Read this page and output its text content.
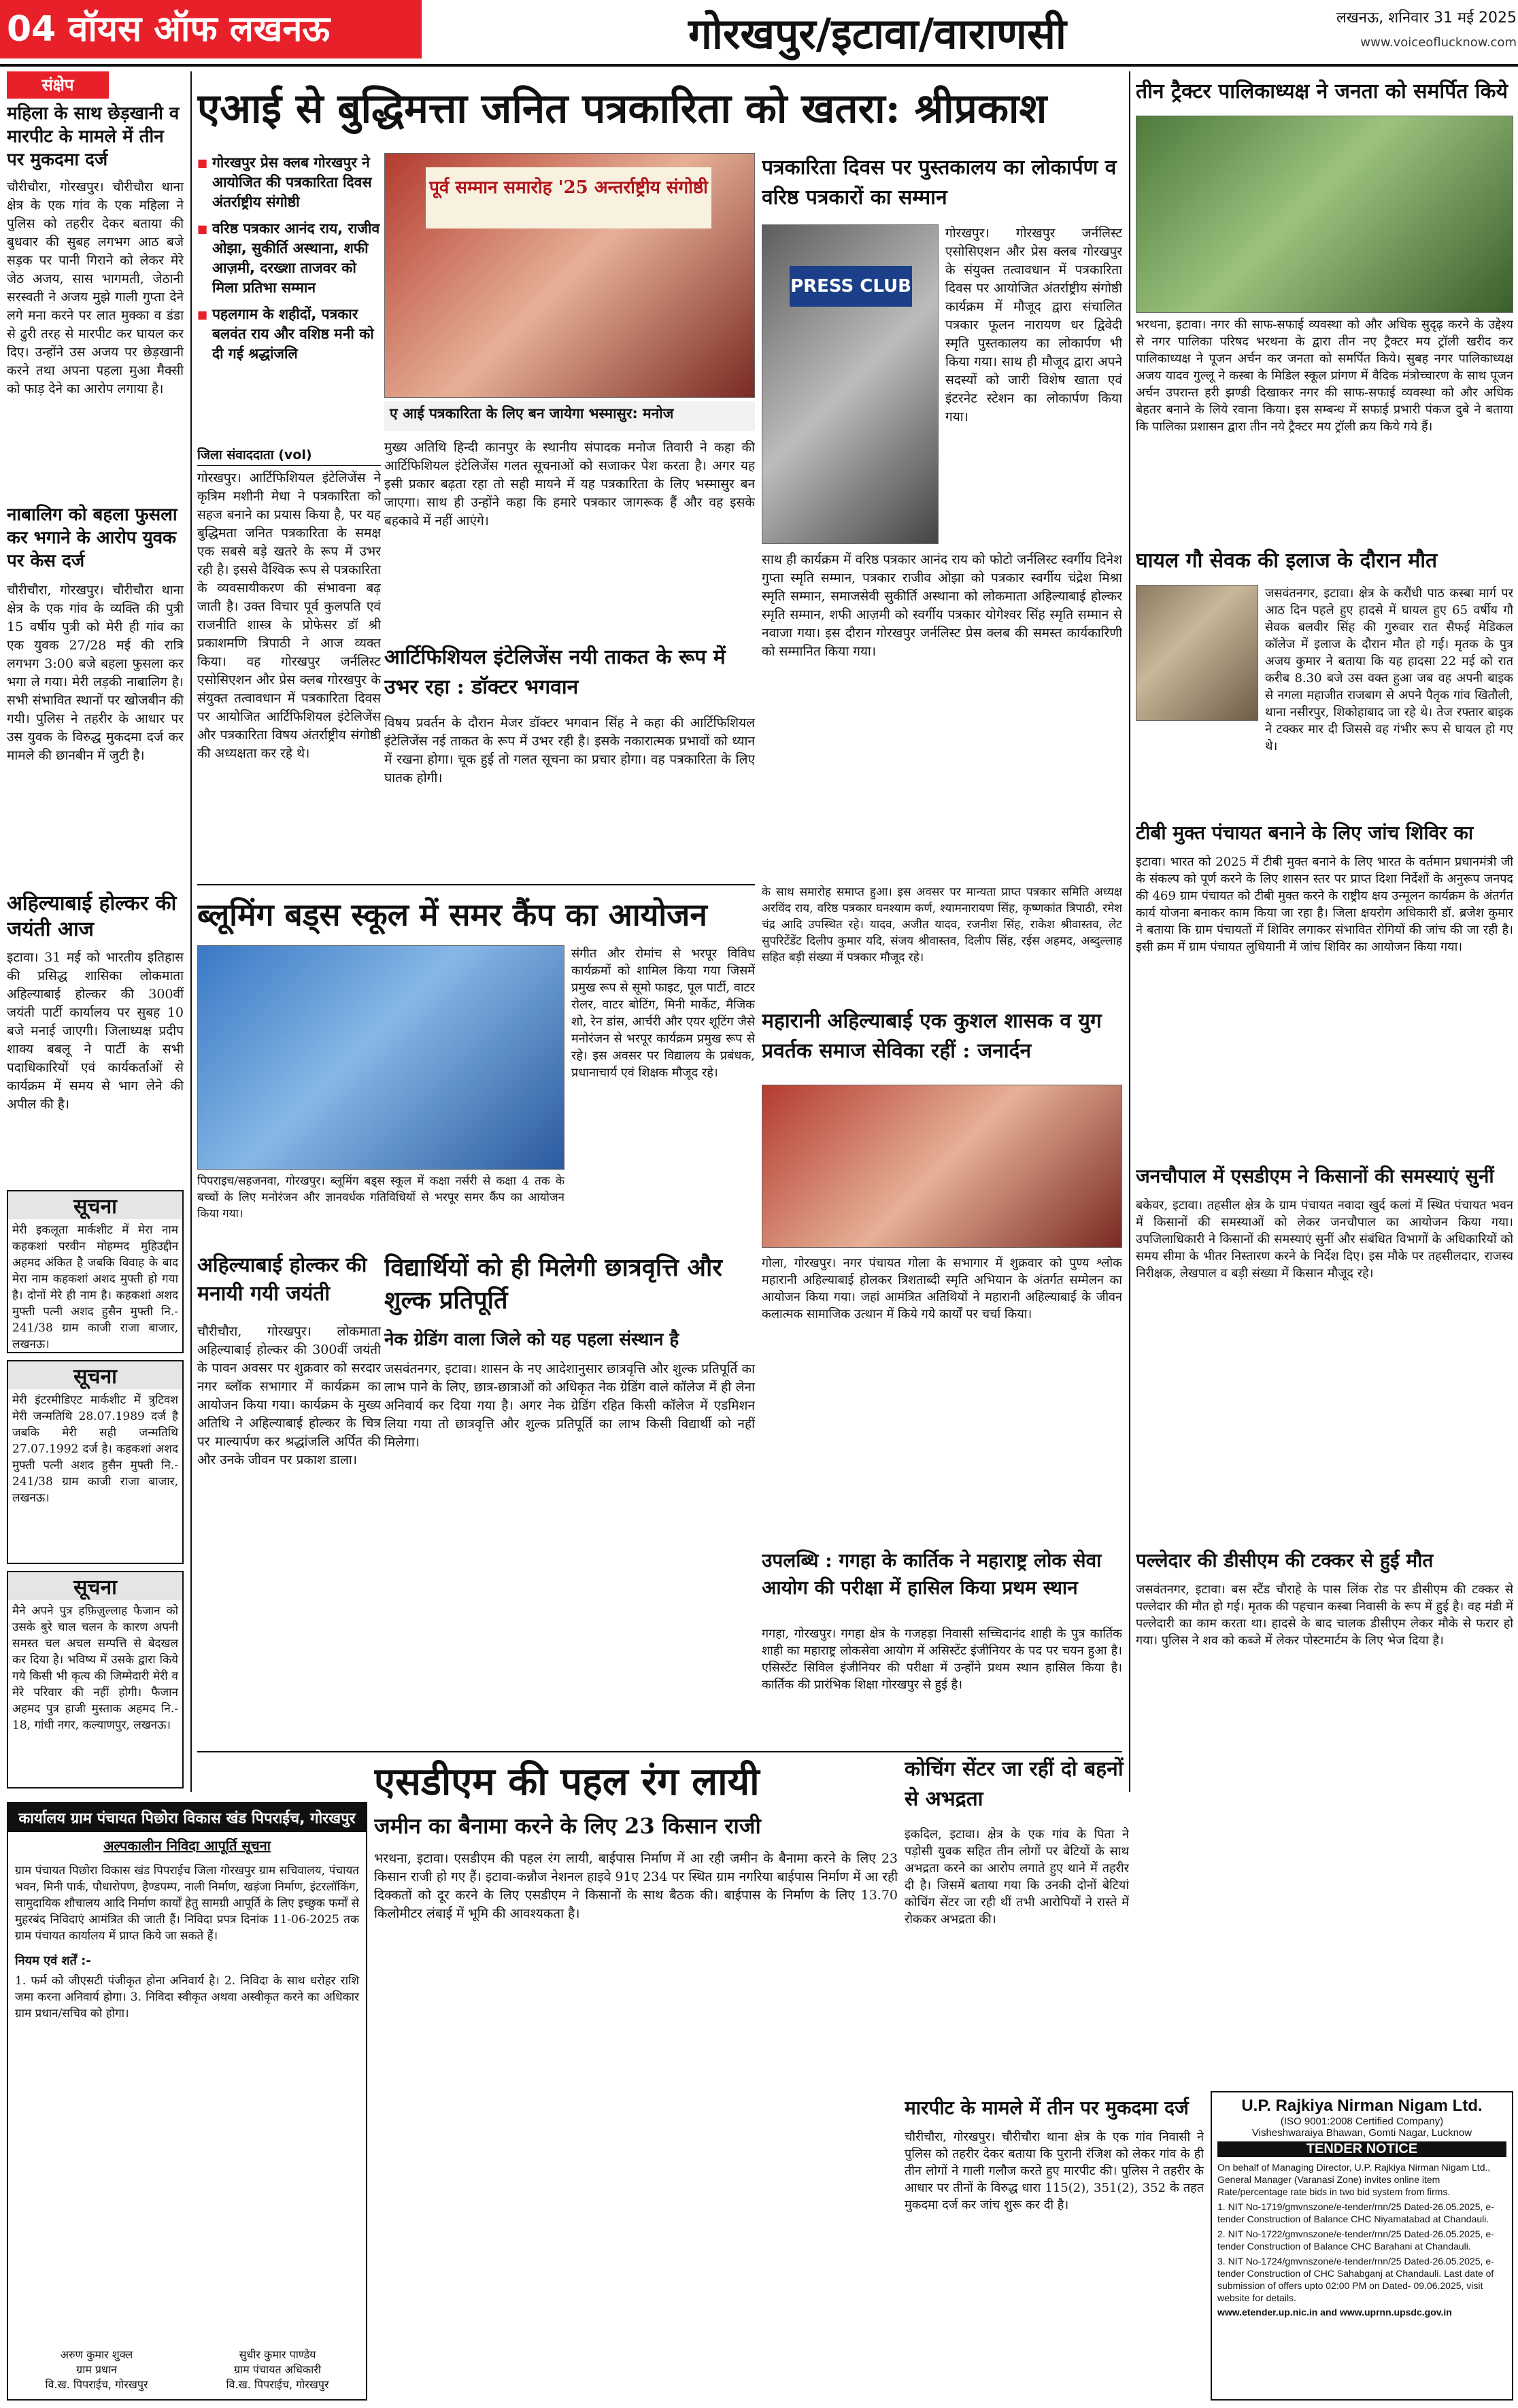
04 वॉयस ऑफ लखनऊ	गोरखपुर/इटावा/वाराणसी	लखनऊ, शनिवार 31 मई 2025
www.voiceoflucknow.com
संक्षेप
महिला के साथ छेड़खानी व मारपीट के मामले में तीन पर मुकदमा दर्ज
चौरीचौरा, गोरखपुर। चौरीचौरा थाना क्षेत्र के एक गांव के एक महिला ने पुलिस को तहरीर देकर बताया की बुधवार की सुबह लगभग आठ बजे सड़क पर पानी गिराने को लेकर मेरे जेठ अजय, सास भागमती, जेठानी सरस्वती ने अजय मुझे गाली गुप्ता देने लगे मना करने पर लात मुक्का व डंडा से ढुरी तरह से मारपीट कर घायल कर दिए। उन्होंने उस अजय पर छेड़खानी करने तथा अपना पहला मुआ मैक्सी को फाड़ देने का आरोप लगाया है।
नाबालिग को बहला फुसला कर भगाने के आरोप युवक पर केस दर्ज
चौरीचौरा, गोरखपुर। चौरीचौरा थाना क्षेत्र के एक गांव के व्यक्ति की पुत्री 15 वर्षीय पुत्री को मेरी ही गांव का एक युवक 27/28 मई की रात्रि लगभग 3:00 बजे बहला फुसला कर भगा ले गया। मेरी लड़की नाबालिग है। सभी संभावित स्थानों पर खोजबीन की गयी। पुलिस ने तहरीर के आधार पर उस युवक के विरुद्ध मुकदमा दर्ज कर मामले की छानबीन में जुटी है।
अहिल्याबाई होल्कर की जयंती आज
इटावा। 31 मई को भारतीय इतिहास की प्रसिद्ध शासिका लोकमाता अहिल्याबाई होल्कर की 300वीं जयंती पार्टी कार्यालय पर सुबह 10 बजे मनाई जाएगी। जिलाध्यक्ष प्रदीप शाक्य बबलू ने पार्टी के सभी पदाधिकारियों एवं कार्यकर्ताओं से कार्यक्रम में समय से भाग लेने की अपील की है।
सूचना
मेरी इकलूता मार्कशीट में मेरा नाम कहकशां परवीन मोहम्मद मुहिउद्दीन अहमद अंकित है जबकि विवाह के बाद मेरा नाम कहकशां अशद मुफ्ती हो गया है। दोनों मेरे ही नाम है। कहकशां अशद मुफ्ती पत्नी अशद हुसैन मुफ्ती नि.- 241/38 ग्राम काजी राजा बाजार, लखनऊ।
सूचना
मेरी इंटरमीडिएट मार्कशीट में त्रुटिवश मेरी जन्मतिथि 28.07.1989 दर्ज है जबकि मेरी सही जन्मतिथि 27.07.1992 दर्ज है। कहकशां अशद मुफ्ती पत्नी अशद हुसैन मुफ्ती नि.- 241/38 ग्राम काजी राजा बाजार, लखनऊ।
सूचना
मैने अपने पुत्र हफ़िज़ुल्लाह फैजान को उसके बुरे चाल चलन के कारण अपनी समस्त चल अचल सम्पत्ति से बेदखल कर दिया है। भविष्य में उसके द्वारा किये गये किसी भी कृत्य की जिम्मेदारी मेरी व मेरे परिवार की नहीं होगी। फैजान अहमद पुत्र हाजी मुस्ताक अहमद नि.- 18, गांधी नगर, कल्याणपुर, लखनऊ।
एआई से बुद्धिमत्ता जनित पत्रकारिता को खतरा: श्रीप्रकाश
■ गोरखपुर प्रेस क्लब गोरखपुर ने आयोजित की पत्रकारिता दिवस अंतर्राष्ट्रीय संगोष्ठी
■ वरिष्ठ पत्रकार आनंद राय, राजीव ओझा, सुकीर्ति अस्थाना, शफी आज़मी, दरख्शा ताजवर को मिला प्रतिभा सम्मान
■ पहलगाम के शहीदों, पत्रकार बलवंत राय और वशिष्ठ मनी को दी गई श्रद्धांजलि
पूर्व सम्मान समारोह '25 अन्तर्राष्ट्रीय संगोष्ठी
ए आई पत्रकारिता के लिए बन जायेगा भस्मासुर: मनोज
जिला संवाददाता (vol)
गोरखपुर। आर्टिफिशियल इंटेलिजेंस ने कृत्रिम मशीनी मेधा ने पत्रकारिता को सहज बनाने का प्रयास किया है, पर यह बुद्धिमता जनित पत्रकारिता के समक्ष एक सबसे बड़े खतरे के रूप में उभर रही है। इससे वैश्विक रूप से पत्रकारिता के व्यवसायीकरण की संभावना बढ़ जाती है। उक्त विचार पूर्व कुलपति एवं राजनीति शास्त्र के प्रोफेसर डॉ श्री प्रकाशमणि त्रिपाठी ने आज व्यक्त किया। वह गोरखपुर जर्नलिस्ट एसोसिएशन और प्रेस क्लब गोरखपुर के संयुक्त तत्वावधान में पत्रकारिता दिवस पर आयोजित आर्टिफिशियल इंटेलिजेंस और पत्रकारिता विषय अंतर्राष्ट्रीय संगोष्ठी की अध्यक्षता कर रहे थे।
मुख्य अतिथि हिन्दी कानपुर के स्थानीय संपादक मनोज तिवारी ने कहा की आर्टिफिशियल इंटेलिजेंस गलत सूचनाओं को सजाकर पेश करता है। अगर यह इसी प्रकार बढ़ता रहा तो सही मायने में यह पत्रकारिता के लिए भस्मासुर बन जाएगा। साथ ही उन्होंने कहा कि हमारे पत्रकार जागरूक हैं और वह इसके बहकावे में नहीं आएंगे।
आर्टिफिशियल इंटेलिजेंस नयी ताकत के रूप में उभर रहा : डॉक्टर भगवान
विषय प्रवर्तन के दौरान मेजर डॉक्टर भगवान सिंह ने कहा की आर्टिफिशियल इंटेलिजेंस नई ताकत के रूप में उभर रही है। इसके नकारात्मक प्रभावों को ध्यान में रखना होगा। चूक हुई तो गलत सूचना का प्रचार होगा। वह पत्रकारिता के लिए घातक होगी।
पत्रकारिता दिवस पर पुस्तकालय का लोकार्पण व वरिष्ठ पत्रकारों का सम्मान
PRESS CLUB
गोरखपुर। गोरखपुर जर्नलिस्ट एसोसिएशन और प्रेस क्लब गोरखपुर के संयुक्त तत्वावधान में पत्रकारिता दिवस पर आयोजित अंतर्राष्ट्रीय संगोष्ठी कार्यक्रम में मौजूद द्वारा संचालित पत्रकार फूलन नारायण धर द्विवेदी स्मृति पुस्तकालय का लोकार्पण भी किया गया। साथ ही मौजूद द्वारा अपने सदस्यों को जारी विशेष खाता एवं इंटरनेट स्टेशन का लोकार्पण किया गया।
साथ ही कार्यक्रम में वरिष्ठ पत्रकार आनंद राय को फोटो जर्नलिस्ट स्वर्गीय दिनेश गुप्ता स्मृति सम्मान, पत्रकार राजीव ओझा को पत्रकार स्वर्गीय चंद्रेश मिश्रा स्मृति सम्मान, समाजसेवी सुकीर्ति अस्थाना को लोकमाता अहिल्याबाई होल्कर स्मृति सम्मान, शफी आज़मी को स्वर्गीय पत्रकार योगेश्वर सिंह स्मृति सम्मान से नवाजा गया। इस दौरान गोरखपुर जर्नलिस्ट प्रेस क्लब की समस्त कार्यकारिणी को सम्मानित किया गया।
के साथ समारोह समाप्त हुआ। इस अवसर पर मान्यता प्राप्त पत्रकार समिति अध्यक्ष अरविंद राय, वरिष्ठ पत्रकार घनश्याम कर्ण, श्यामनारायण सिंह, कृष्णकांत त्रिपाठी, रमेश चंद्र आदि उपस्थित रहे। यादव, अजीत यादव, रजनीश सिंह, राकेश श्रीवास्तव, लेट सुपरिटेंडेंट दिलीप कुमार यदि, संजय श्रीवास्तव, दिलीप सिंह, रईस अहमद, अब्दुल्लाह सहित बड़ी संख्या में पत्रकार मौजूद रहे।
तीन ट्रैक्टर पालिकाध्यक्ष ने जनता को समर्पित किये
भरथना, इटावा। नगर की साफ-सफाई व्यवस्था को और अधिक सुदृढ़ करने के उद्देश्य से नगर पालिका परिषद भरथना के द्वारा तीन नए ट्रैक्टर मय ट्रॉली खरीद कर पालिकाध्यक्ष ने पूजन अर्चन कर जनता को समर्पित किये। सुबह नगर पालिकाध्यक्ष अजय यादव गुल्लू ने कस्बा के मिडिल स्कूल प्रांगण में वैदिक मंत्रोच्चारण के साथ पूजन अर्चन उपरान्त हरी झण्डी दिखाकर नगर की साफ-सफाई व्यवस्था को और अधिक बेहतर बनाने के लिये रवाना किया। इस सम्बन्ध में सफाई प्रभारी पंकज दुबे ने बताया कि पालिका प्रशासन द्वारा तीन नये ट्रैक्टर मय ट्रॉली क्रय किये गये हैं।
घायल गौ सेवक की इलाज के दौरान मौत
जसवंतनगर, इटावा। क्षेत्र के करौंधी पाठ कस्बा मार्ग पर आठ दिन पहले हुए हादसे में घायल हुए 65 वर्षीय गौ सेवक बलवीर सिंह की गुरुवार रात सैफई मेडिकल कॉलेज में इलाज के दौरान मौत हो गई। मृतक के पुत्र अजय कुमार ने बताया कि यह हादसा 22 मई को रात करीब 8.30 बजे उस वक्त हुआ जब वह अपनी बाइक से नगला महाजीत राजबाग से अपने पैतृक गांव खितौली, थाना नसीरपुर, शिकोहाबाद जा रहे थे। तेज रफ्तार बाइक ने टक्कर मार दी जिससे वह गंभीर रूप से घायल हो गए थे।
टीबी मुक्त पंचायत बनाने के लिए जांच शिविर का
इटावा। भारत को 2025 में टीबी मुक्त बनाने के लिए भारत के वर्तमान प्रधानमंत्री जी के संकल्प को पूर्ण करने के लिए शासन स्तर पर प्राप्त दिशा निर्देशों के अनुरूप जनपद की 469 ग्राम पंचायत को टीबी मुक्त करने के राष्ट्रीय क्षय उन्मूलन कार्यक्रम के अंतर्गत कार्य योजना बनाकर काम किया जा रहा है। जिला क्षयरोग अधिकारी डॉ. ब्रजेश कुमार ने बताया कि ग्राम पंचायतों में शिविर लगाकर संभावित रोगियों की जांच की जा रही है। इसी क्रम में ग्राम पंचायत लुधियानी में जांच शिविर का आयोजन किया गया।
जनचौपाल में एसडीएम ने किसानों की समस्याएं सुनीं
बकेवर, इटावा। तहसील क्षेत्र के ग्राम पंचायत नवादा खुर्द कलां में स्थित पंचायत भवन में किसानों की समस्याओं को लेकर जनचौपाल का आयोजन किया गया। उपजिलाधिकारी ने किसानों की समस्याएं सुनीं और संबंधित विभागों के अधिकारियों को समय सीमा के भीतर निस्तारण करने के निर्देश दिए। इस मौके पर तहसीलदार, राजस्व निरीक्षक, लेखपाल व बड़ी संख्या में किसान मौजूद रहे।
पल्लेदार की डीसीएम की टक्कर से हुई मौत
जसवंतनगर, इटावा। बस स्टैंड चौराहे के पास लिंक रोड पर डीसीएम की टक्कर से पल्लेदार की मौत हो गई। मृतक की पहचान कस्बा निवासी के रूप में हुई है। वह मंडी में पल्लेदारी का काम करता था। हादसे के बाद चालक डीसीएम लेकर मौके से फरार हो गया। पुलिस ने शव को कब्जे में लेकर पोस्टमार्टम के लिए भेज दिया है।
ब्लूमिंग बड्स स्कूल में समर कैंप का आयोजन
पिपराइच/सहजनवा, गोरखपुर। ब्लूमिंग बड्स स्कूल में कक्षा नर्सरी से कक्षा 4 तक के बच्चों के लिए मनोरंजन और ज्ञानवर्धक गतिविधियों से भरपूर समर कैंप का आयोजन किया गया।
संगीत और रोमांच से भरपूर विविध कार्यक्रमों को शामिल किया गया जिसमें प्रमुख रूप से सूमो फाइट, पूल पार्टी, वाटर रोलर, वाटर बोटिंग, मिनी मार्केट, मैजिक शो, रेन डांस, आर्चरी और एयर शूटिंग जैसे मनोरंजन से भरपूर कार्यक्रम प्रमुख रूप से रहे। इस अवसर पर विद्यालय के प्रबंधक, प्रधानाचार्य एवं शिक्षक मौजूद रहे।
अहिल्याबाई होल्कर की मनायी गयी जयंती
चौरीचौरा, गोरखपुर। लोकमाता अहिल्याबाई होल्कर की 300वीं जयंती के पावन अवसर पर शुक्रवार को सरदार नगर ब्लॉक सभागार में कार्यक्रम का आयोजन किया गया। कार्यक्रम के मुख्य अतिथि ने अहिल्याबाई होल्कर के चित्र पर माल्यार्पण कर श्रद्धांजलि अर्पित की और उनके जीवन पर प्रकाश डाला।
विद्यार्थियों को ही मिलेगी छात्रवृत्ति और शुल्क प्रतिपूर्ति
नेक ग्रेडिंग वाला जिले को यह पहला संस्थान है
जसवंतनगर, इटावा। शासन के नए आदेशानुसार छात्रवृत्ति और शुल्क प्रतिपूर्ति का लाभ पाने के लिए, छात्र-छात्राओं को अधिकृत नेक ग्रेडिंग वाले कॉलेज में ही लेना अनिवार्य कर दिया गया है। अगर नेक ग्रेडिंग रहित किसी कॉलेज में एडमिशन लिया गया तो छात्रवृत्ति और शुल्क प्रतिपूर्ति का लाभ किसी विद्यार्थी को नहीं मिलेगा।
महारानी अहिल्याबाई एक कुशल शासक व युग प्रवर्तक समाज सेविका रहीं : जनार्दन
गोला, गोरखपुर। नगर पंचायत गोला के सभागार में शुक्रवार को पुण्य श्लोक महारानी अहिल्याबाई होलकर त्रिशताब्दी स्मृति अभियान के अंतर्गत सम्मेलन का आयोजन किया गया। जहां आमंत्रित अतिथियों ने महारानी अहिल्याबाई के जीवन कलात्मक सामाजिक उत्थान में किये गये कार्यों पर चर्चा किया।
उपलब्धि : गगहा के कार्तिक ने महाराष्ट्र लोक सेवा आयोग की परीक्षा में हासिल किया प्रथम स्थान
गगहा, गोरखपुर। गगहा क्षेत्र के गजहड़ा निवासी सच्चिदानंद शाही के पुत्र कार्तिक शाही का महाराष्ट्र लोकसेवा आयोग में असिस्टेंट इंजीनियर के पद पर चयन हुआ है। एसिस्टेंट सिविल इंजीनियर की परीक्षा में उन्होंने प्रथम स्थान हासिल किया है। कार्तिक की प्रारंभिक शिक्षा गोरखपुर से हुई है।
एसडीएम की पहल रंग लायी
जमीन का बैनामा करने के लिए 23 किसान राजी
भरथना, इटावा। एसडीएम की पहल रंग लायी, बाईपास निर्माण में आ रही जमीन के बैनामा करने के लिए 23 किसान राजी हो गए हैं। इटावा-कन्नौज नेशनल हाइवे 91ए 234 पर स्थित ग्राम नगरिया बाईपास निर्माण में आ रही दिक्कतों को दूर करने के लिए एसडीएम ने किसानों के साथ बैठक की। बाईपास के निर्माण के लिए 13.70 किलोमीटर लंबाई में भूमि की आवश्यकता है।
कोचिंग सेंटर जा रहीं दो बहनों से अभद्रता
इकदिल, इटावा। क्षेत्र के एक गांव के पिता ने पड़ोसी युवक सहित तीन लोगों पर बेटियों के साथ अभद्रता करने का आरोप लगाते हुए थाने में तहरीर दी है। जिसमें बताया गया कि उनकी दोनों बेटियां कोचिंग सेंटर जा रही थीं तभी आरोपियों ने रास्ते में रोककर अभद्रता की।
मारपीट के मामले में तीन पर मुकदमा दर्ज
चौरीचौरा, गोरखपुर। चौरीचौरा थाना क्षेत्र के एक गांव निवासी ने पुलिस को तहरीर देकर बताया कि पुरानी रंजिश को लेकर गांव के ही तीन लोगों ने गाली गलौज करते हुए मारपीट की। पुलिस ने तहरीर के आधार पर तीनों के विरुद्ध धारा 115(2), 351(2), 352 के तहत मुकदमा दर्ज कर जांच शुरू कर दी है।
कार्यालय ग्राम पंचायत पिछोरा विकास खंड पिपराईच, गोरखपुर
अल्पकालीन निविदा आपूर्ति सूचना
ग्राम पंचायत पिछोरा विकास खंड पिपराईच जिला गोरखपुर ग्राम सचिवालय, पंचायत भवन, मिनी पार्क, पौधारोपण, हैण्डपम्प, नाली निर्माण, खड़ंजा निर्माण, इंटरलॉकिंग, सामुदायिक शौचालय आदि निर्माण कार्यों हेतु सामग्री आपूर्ति के लिए इच्छुक फर्मों से मुहरबंद निविदाएं आमंत्रित की जाती हैं। निविदा प्रपत्र दिनांक 11-06-2025 तक ग्राम पंचायत कार्यालय में प्राप्त किये जा सकते हैं।
नियम एवं शर्तें :-
1. फर्म को जीएसटी पंजीकृत होना अनिवार्य है। 2. निविदा के साथ धरोहर राशि जमा करना अनिवार्य होगा। 3. निविदा स्वीकृत अथवा अस्वीकृत करने का अधिकार ग्राम प्रधान/सचिव को होगा।
अरुण कुमार शुक्ल
ग्राम प्रधान
वि.ख. पिपराईच, गोरखपुर
सुधीर कुमार पाण्डेय
ग्राम पंचायत अधिकारी
वि.ख. पिपराईच, गोरखपुर
U.P. Rajkiya Nirman Nigam Ltd.
(ISO 9001:2008 Certified Company)
Visheshwaraiya Bhawan, Gomti Nagar, Lucknow
TENDER NOTICE
On behalf of Managing Director, U.P. Rajkiya Nirman Nigam Ltd., General Manager (Varanasi Zone) invites online item Rate/percentage rate bids in two bid system from firms.
1. NIT No-1719/gmvnszone/e-tender/rnn/25 Dated-26.05.2025, e-tender Construction of Balance CHC Niyamatabad at Chandauli.
2. NIT No-1722/gmvnszone/e-tender/rnn/25 Dated-26.05.2025, e-tender Construction of Balance CHC Barahani at Chandauli.
3. NIT No-1724/gmvnszone/e-tender/rnn/25 Dated-26.05.2025, e-tender Construction of CHC Sahabganj at Chandauli. Last date of submission of offers upto 02:00 PM on Dated- 09.06.2025, visit website for details.
www.etender.up.nic.in and www.uprnn.upsdc.gov.in
